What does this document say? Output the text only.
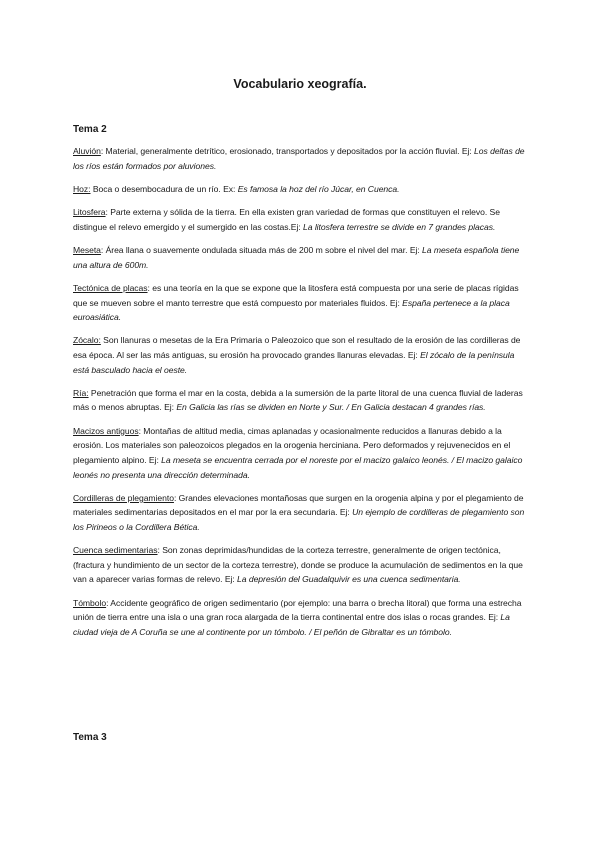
Vocabulario xeografía.
Tema 2

Aluvión: Material, generalmente detrítico, erosionado, transportados y depositados por la acción fluvial. Ej: Los deltas de los ríos están formados por aluviones.

Hoz: Boca o desembocadura de un río. Ex: Es famosa la hoz del río Júcar, en Cuenca.

Litosfera: Parte externa y sólida de la tierra. En ella existen gran variedad de formas que constituyen el relevo. Se distingue el relevo emergido y el sumergido en las costas.Ej: La litosfera terrestre se divide en 7 grandes placas.

Meseta: Área llana o suavemente ondulada situada más de 200 m sobre el nivel del mar. Ej: La meseta española tiene una altura de 600m.

Tectónica de placas: es una teoría en la que se expone que la litosfera está compuesta por una serie de placas rígidas que se mueven sobre el manto terrestre que está compuesto por materiales fluidos. Ej: España pertenece a la placa euroasiática.

Zócalo: Son llanuras o mesetas de la Era Primaria o Paleozoico que son el resultado de la erosión de las cordilleras de esa época. Al ser las más antiguas, su erosión ha provocado grandes llanuras elevadas. Ej: El zócalo de la península está basculado hacia el oeste.

Ría: Penetración que forma el mar en la costa, debida a la sumersión de la parte litoral de una cuenca fluvial de laderas más o menos abruptas. Ej: En Galicia las rías se dividen en Norte y Sur. / En Galicia destacan 4 grandes rías.

Macizos antiguos: Montañas de altitud media, cimas aplanadas y ocasionalmente reducidos a llanuras debido a la erosión. Los materiales son paleozoicos plegados en la orogenia herciniana. Pero deformados y rejuvenecidos en el plegamiento alpino. Ej: La meseta se encuentra cerrada por el noreste por el macizo galaico leonés. / El macizo galaico leonés no presenta una dirección determinada.

Cordilleras de plegamiento: Grandes elevaciones montañosas que surgen en la orogenia alpina y por el plegamiento de materiales sedimentarias depositados en el mar por la era secundaria. Ej: Un ejemplo de cordilleras de plegamiento son los Pirineos o la Cordillera Bética.

Cuenca sedimentarias: Son zonas deprimidas/hundidas de la corteza terrestre, generalmente de origen tectónica, (fractura y hundimiento de un sector de la corteza terrestre), donde se produce la acumulación de sedimentos en la que van a aparecer varias formas de relevo. Ej: La depresión del Guadalquivir es una cuenca sedimentaria.

Tómbolo: Accidente geográfico de origen sedimentario (por ejemplo: una barra o brecha litoral) que forma una estrecha unión de tierra entre una isla o una gran roca alargada de la tierra continental entre dos islas o rocas grandes. Ej: La ciudad vieja de A Coruña se une al continente por un tómbolo. / El peñón de Gibraltar es un tómbolo.

Tema 3
